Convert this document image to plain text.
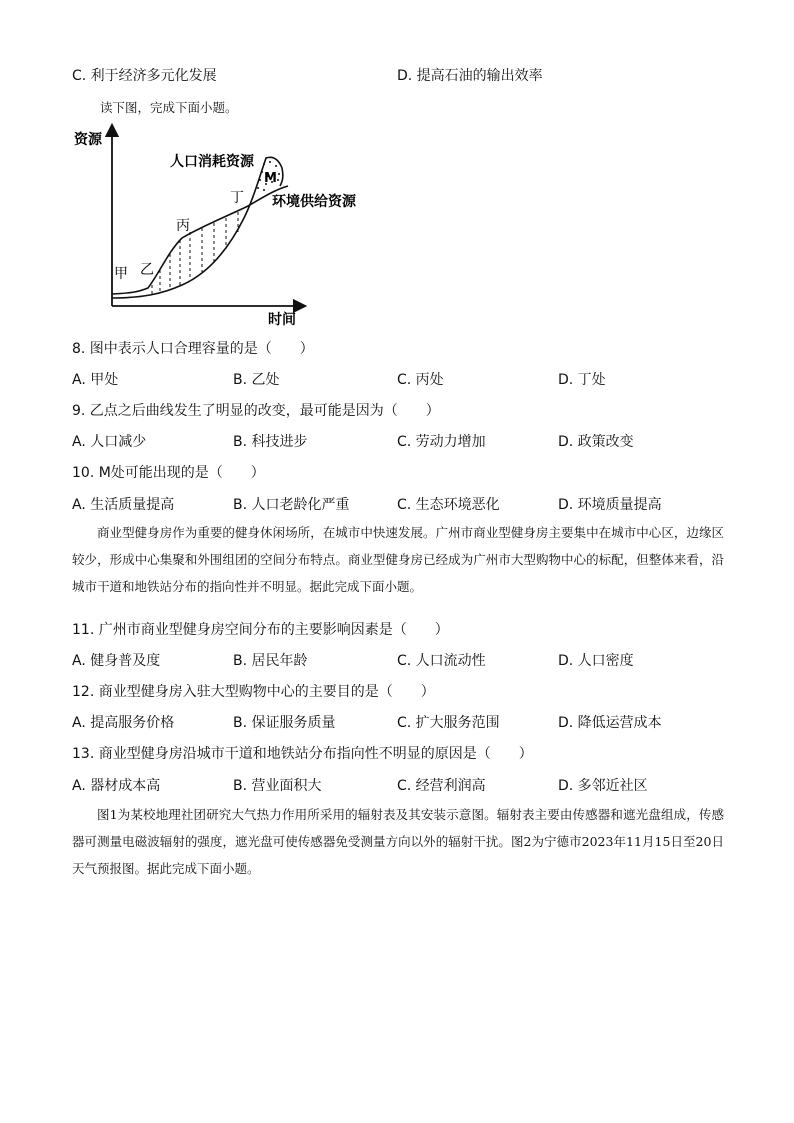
C. 利于经济多元化发展	D. 提高石油的输出效率
读下图，完成下面小题。
资源
时间
人口消耗资源
环境供给资源
M
甲 乙
丙
丁
8. 图中表示人口合理容量的是（　　）
A. 甲处	B. 乙处	C. 丙处	D. 丁处
9. 乙点之后曲线发生了明显的改变，最可能是因为（　　）
A. 人口减少	B. 科技进步	C. 劳动力增加	D. 政策改变
10. M处可能出现的是（　　）
A. 生活质量提高	B. 人口老龄化严重	C. 生态环境恶化	D. 环境质量提高
商业型健身房作为重要的健身休闲场所，在城市中快速发展。广州市商业型健身房主要集中在城市中心区，边缘区较少，形成中心集聚和外围组团的空间分布特点。商业型健身房已经成为广州市大型购物中心的标配，但整体来看，沿城市干道和地铁站分布的指向性并不明显。据此完成下面小题。
11. 广州市商业型健身房空间分布的主要影响因素是（　　）
A. 健身普及度	B. 居民年龄	C. 人口流动性	D. 人口密度
12. 商业型健身房入驻大型购物中心的主要目的是（　　）
A. 提高服务价格	B. 保证服务质量	C. 扩大服务范围	D. 降低运营成本
13. 商业型健身房沿城市干道和地铁站分布指向性不明显的原因是（　　）
A. 器材成本高	B. 营业面积大	C. 经营利润高	D. 多邻近社区
图1为某校地理社团研究大气热力作用所采用的辐射表及其安装示意图。辐射表主要由传感器和遮光盘组成，传感器可测量电磁波辐射的强度，遮光盘可使传感器免受测量方向以外的辐射干扰。图2为宁德市2023年11月15日至20日天气预报图。据此完成下面小题。
